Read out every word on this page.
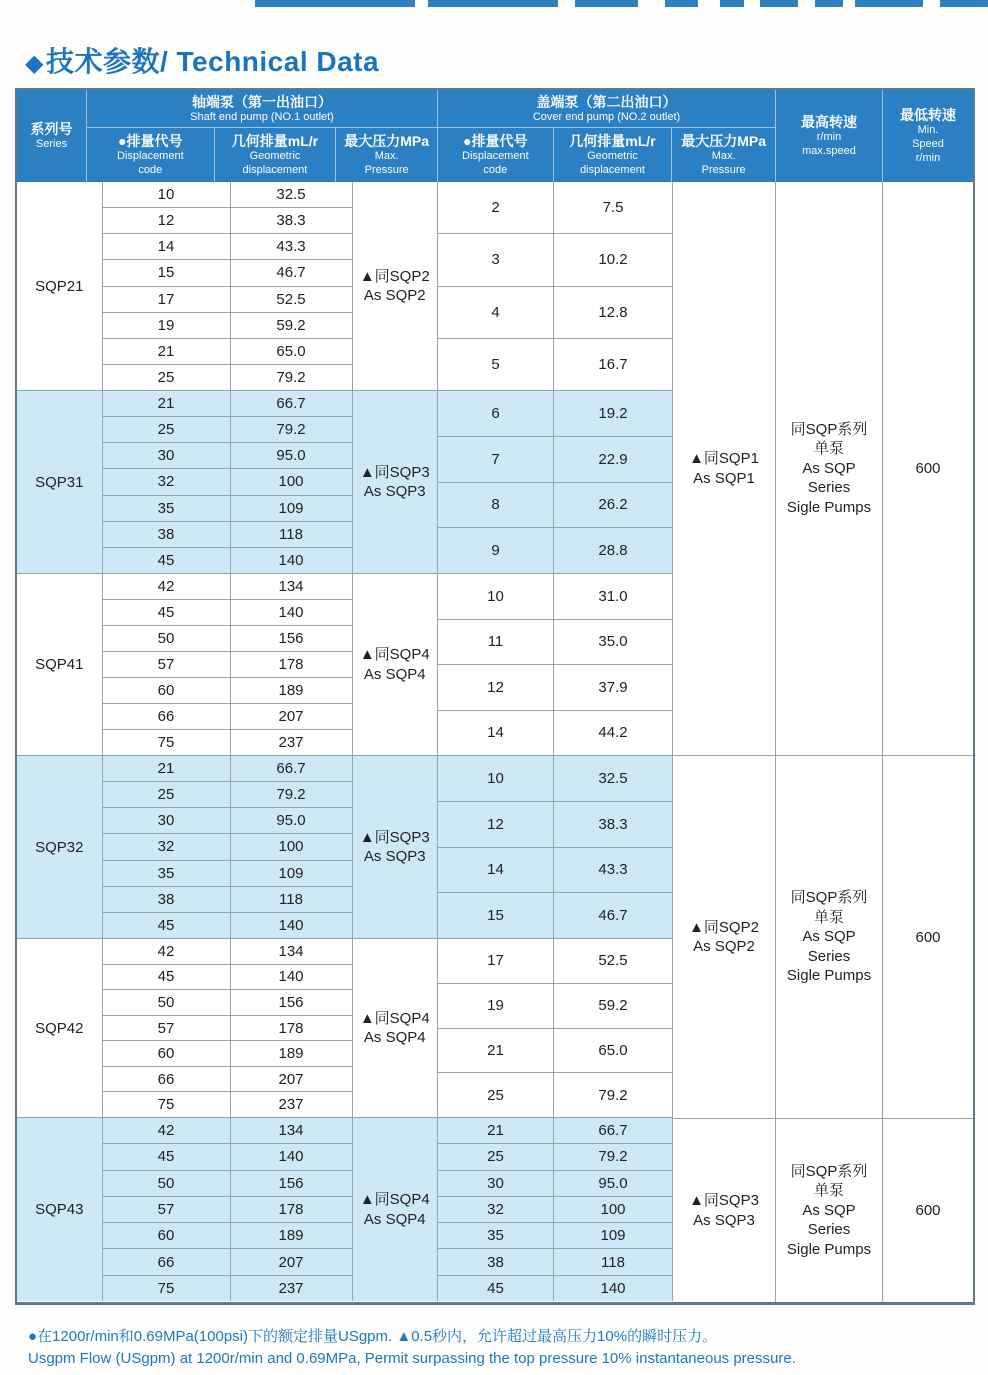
◆技术参数/ Technical Data
系列号
Series
轴端泵（第一出油口）
Shaft end pump (NO.1 outlet)
●排量代号
Displacement
code
几何排量mL/r
Geometric
displacement
最大压力MPa
Max.
Pressure
盖端泵（第二出油口）
Cover end pump (NO.2 outlet)
●排量代号
Displacement
code
几何排量mL/r
Geometric
displacement
最大压力MPa
Max.
Pressure
最高转速
r/min
max.speed
最低转速
Min.
Speed
r/min
SQP21
10
12
14
15
17
19
21
25
32.5
38.3
43.3
46.7
52.5
59.2
65.0
79.2
▲同SQP2
As SQP2
2
3
4
5
7.5
10.2
12.8
16.7
SQP31
21
25
30
32
35
38
45
66.7
79.2
95.0
100
109
118
140
▲同SQP3
As SQP3
6
7
8
9
19.2
22.9
26.2
28.8
SQP41
42
45
50
57
60
66
75
134
140
156
178
189
207
237
▲同SQP4
As SQP4
10
11
12
14
31.0
35.0
37.9
44.2
SQP32
21
25
30
32
35
38
45
66.7
79.2
95.0
100
109
118
140
▲同SQP3
As SQP3
10
12
14
15
32.5
38.3
43.3
46.7
SQP42
42
45
50
57
60
66
75
134
140
156
178
189
207
237
▲同SQP4
As SQP4
17
19
21
25
52.5
59.2
65.0
79.2
SQP43
42
45
50
57
60
66
75
134
140
156
178
189
207
237
▲同SQP4
As SQP4
21
25
30
32
35
38
45
66.7
79.2
95.0
100
109
118
140
▲同SQP1
As SQP1
▲同SQP2
As SQP2
▲同SQP3
As SQP3
同SQP系列
单泵
As SQP
Series
Sigle Pumps
同SQP系列
单泵
As SQP
Series
Sigle Pumps
同SQP系列
单泵
As SQP
Series
Sigle Pumps
600
600
600
●在1200r/min和0.69MPa(100psi)下的额定排量USgpm. ▲0.5秒内，允许超过最高压力10%的瞬时压力。
Usgpm Flow (USgpm) at 1200r/min and 0.69MPa, Permit surpassing the top pressure 10% instantaneous pressure.
